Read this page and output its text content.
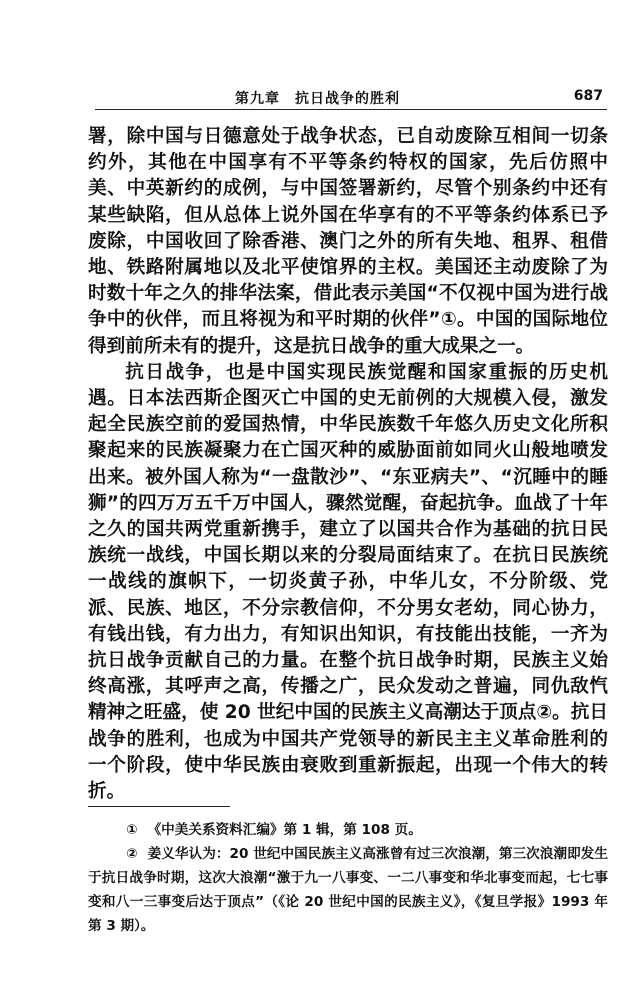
第九章　抗日战争的胜利	687

署，除中国与日德意处于战争状态，已自动废除互相间一切条约外，其他在中国享有不平等条约特权的国家，先后仿照中美、中英新约的成例，与中国签署新约，尽管个别条约中还有某些缺陷，但从总体上说外国在华享有的不平等条约体系已予废除，中国收回了除香港、澳门之外的所有失地、租界、租借地、铁路附属地以及北平使馆界的主权。美国还主动废除了为时数十年之久的排华法案，借此表示美国“不仅视中国为进行战争中的伙伴，而且将视为和平时期的伙伴”①。中国的国际地位得到前所未有的提升，这是抗日战争的重大成果之一。

抗日战争，也是中国实现民族觉醒和国家重振的历史机遇。日本法西斯企图灭亡中国的史无前例的大规模入侵，激发起全民族空前的爱国热情，中华民族数千年悠久历史文化所积聚起来的民族凝聚力在亡国灭种的威胁面前如同火山般地喷发出来。被外国人称为“一盘散沙”、“东亚病夫”、“沉睡中的睡狮”的四万万五千万中国人，骤然觉醒，奋起抗争。血战了十年之久的国共两党重新携手，建立了以国共合作为基础的抗日民族统一战线，中国长期以来的分裂局面结束了。在抗日民族统一战线的旗帜下，一切炎黄子孙，中华儿女，不分阶级、党派、民族、地区，不分宗教信仰，不分男女老幼，同心协力，有钱出钱，有力出力，有知识出知识，有技能出技能，一齐为抗日战争贡献自己的力量。在整个抗日战争时期，民族主义始终高涨，其呼声之高，传播之广，民众发动之普遍，同仇敌忾精神之旺盛，使 20 世纪中国的民族主义高潮达于顶点②。抗日战争的胜利，也成为中国共产党领导的新民主主义革命胜利的一个阶段，使中华民族由衰败到重新振起，出现一个伟大的转折。

① 《中美关系资料汇编》第 1 辑，第 108 页。

② 姜义华认为：20 世纪中国民族主义高涨曾有过三次浪潮，第三次浪潮即发生于抗日战争时期，这次大浪潮“激于九一八事变、一二八事变和华北事变而起，七七事变和八一三事变后达于顶点”（《论 20 世纪中国的民族主义》，《复旦学报》1993 年第 3 期）。
